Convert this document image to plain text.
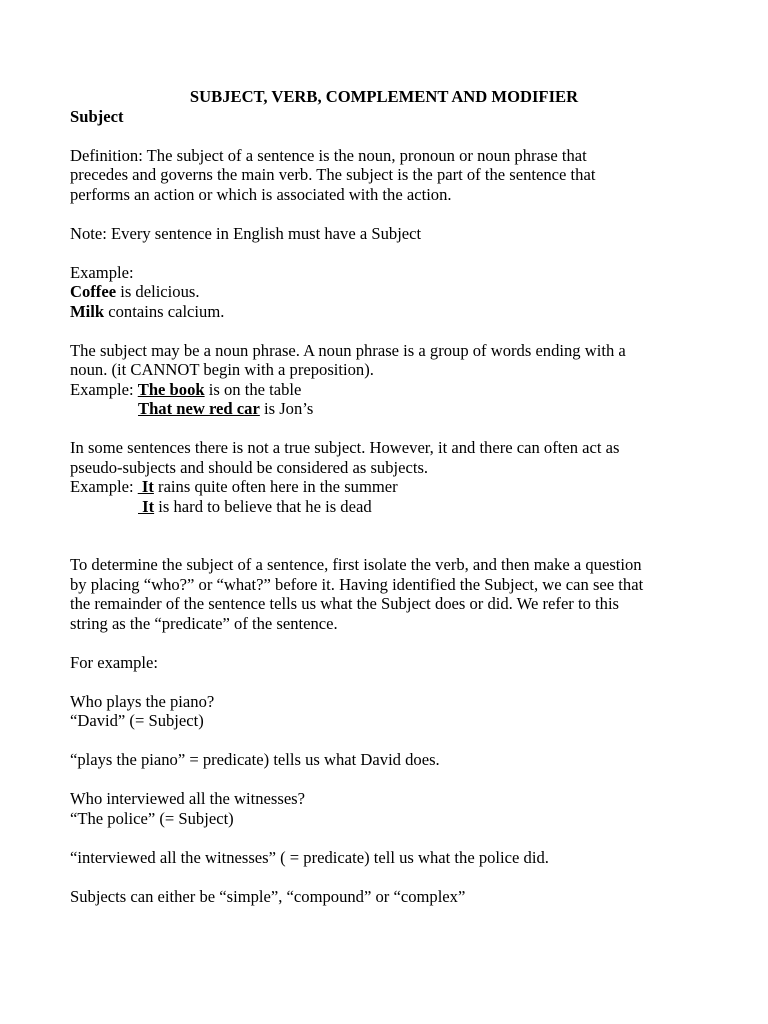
SUBJECT, VERB, COMPLEMENT AND MODIFIER
Subject
Definition: The subject of a sentence is the noun, pronoun or noun phrase that
precedes and governs the main verb. The subject is the part of the sentence that
performs an action or which is associated with the action.
Note: Every sentence in English must have a Subject
Example:
Coffee is delicious.
Milk contains calcium.
The subject may be a noun phrase. A noun phrase is a group of words ending with a
noun. (it CANNOT begin with a preposition).
Example: The book is on the table
That new red car is Jon’s
In some sentences there is not a true subject. However, it and there can often act as
pseudo-subjects and should be considered as subjects.
Example:  It rains quite often here in the summer
It is hard to believe that he is dead
To determine the subject of a sentence, first isolate the verb, and then make a question
by placing “who?” or “what?” before it. Having identified the Subject, we can see that
the remainder of the sentence tells us what the Subject does or did. We refer to this
string as the “predicate” of the sentence.
For example:
Who plays the piano?
“David” (= Subject)
“plays the piano” = predicate) tells us what David does.
Who interviewed all the witnesses?
“The police” (= Subject)
“interviewed all the witnesses” ( = predicate) tell us what the police did.
Subjects can either be “simple”, “compound” or “complex”
